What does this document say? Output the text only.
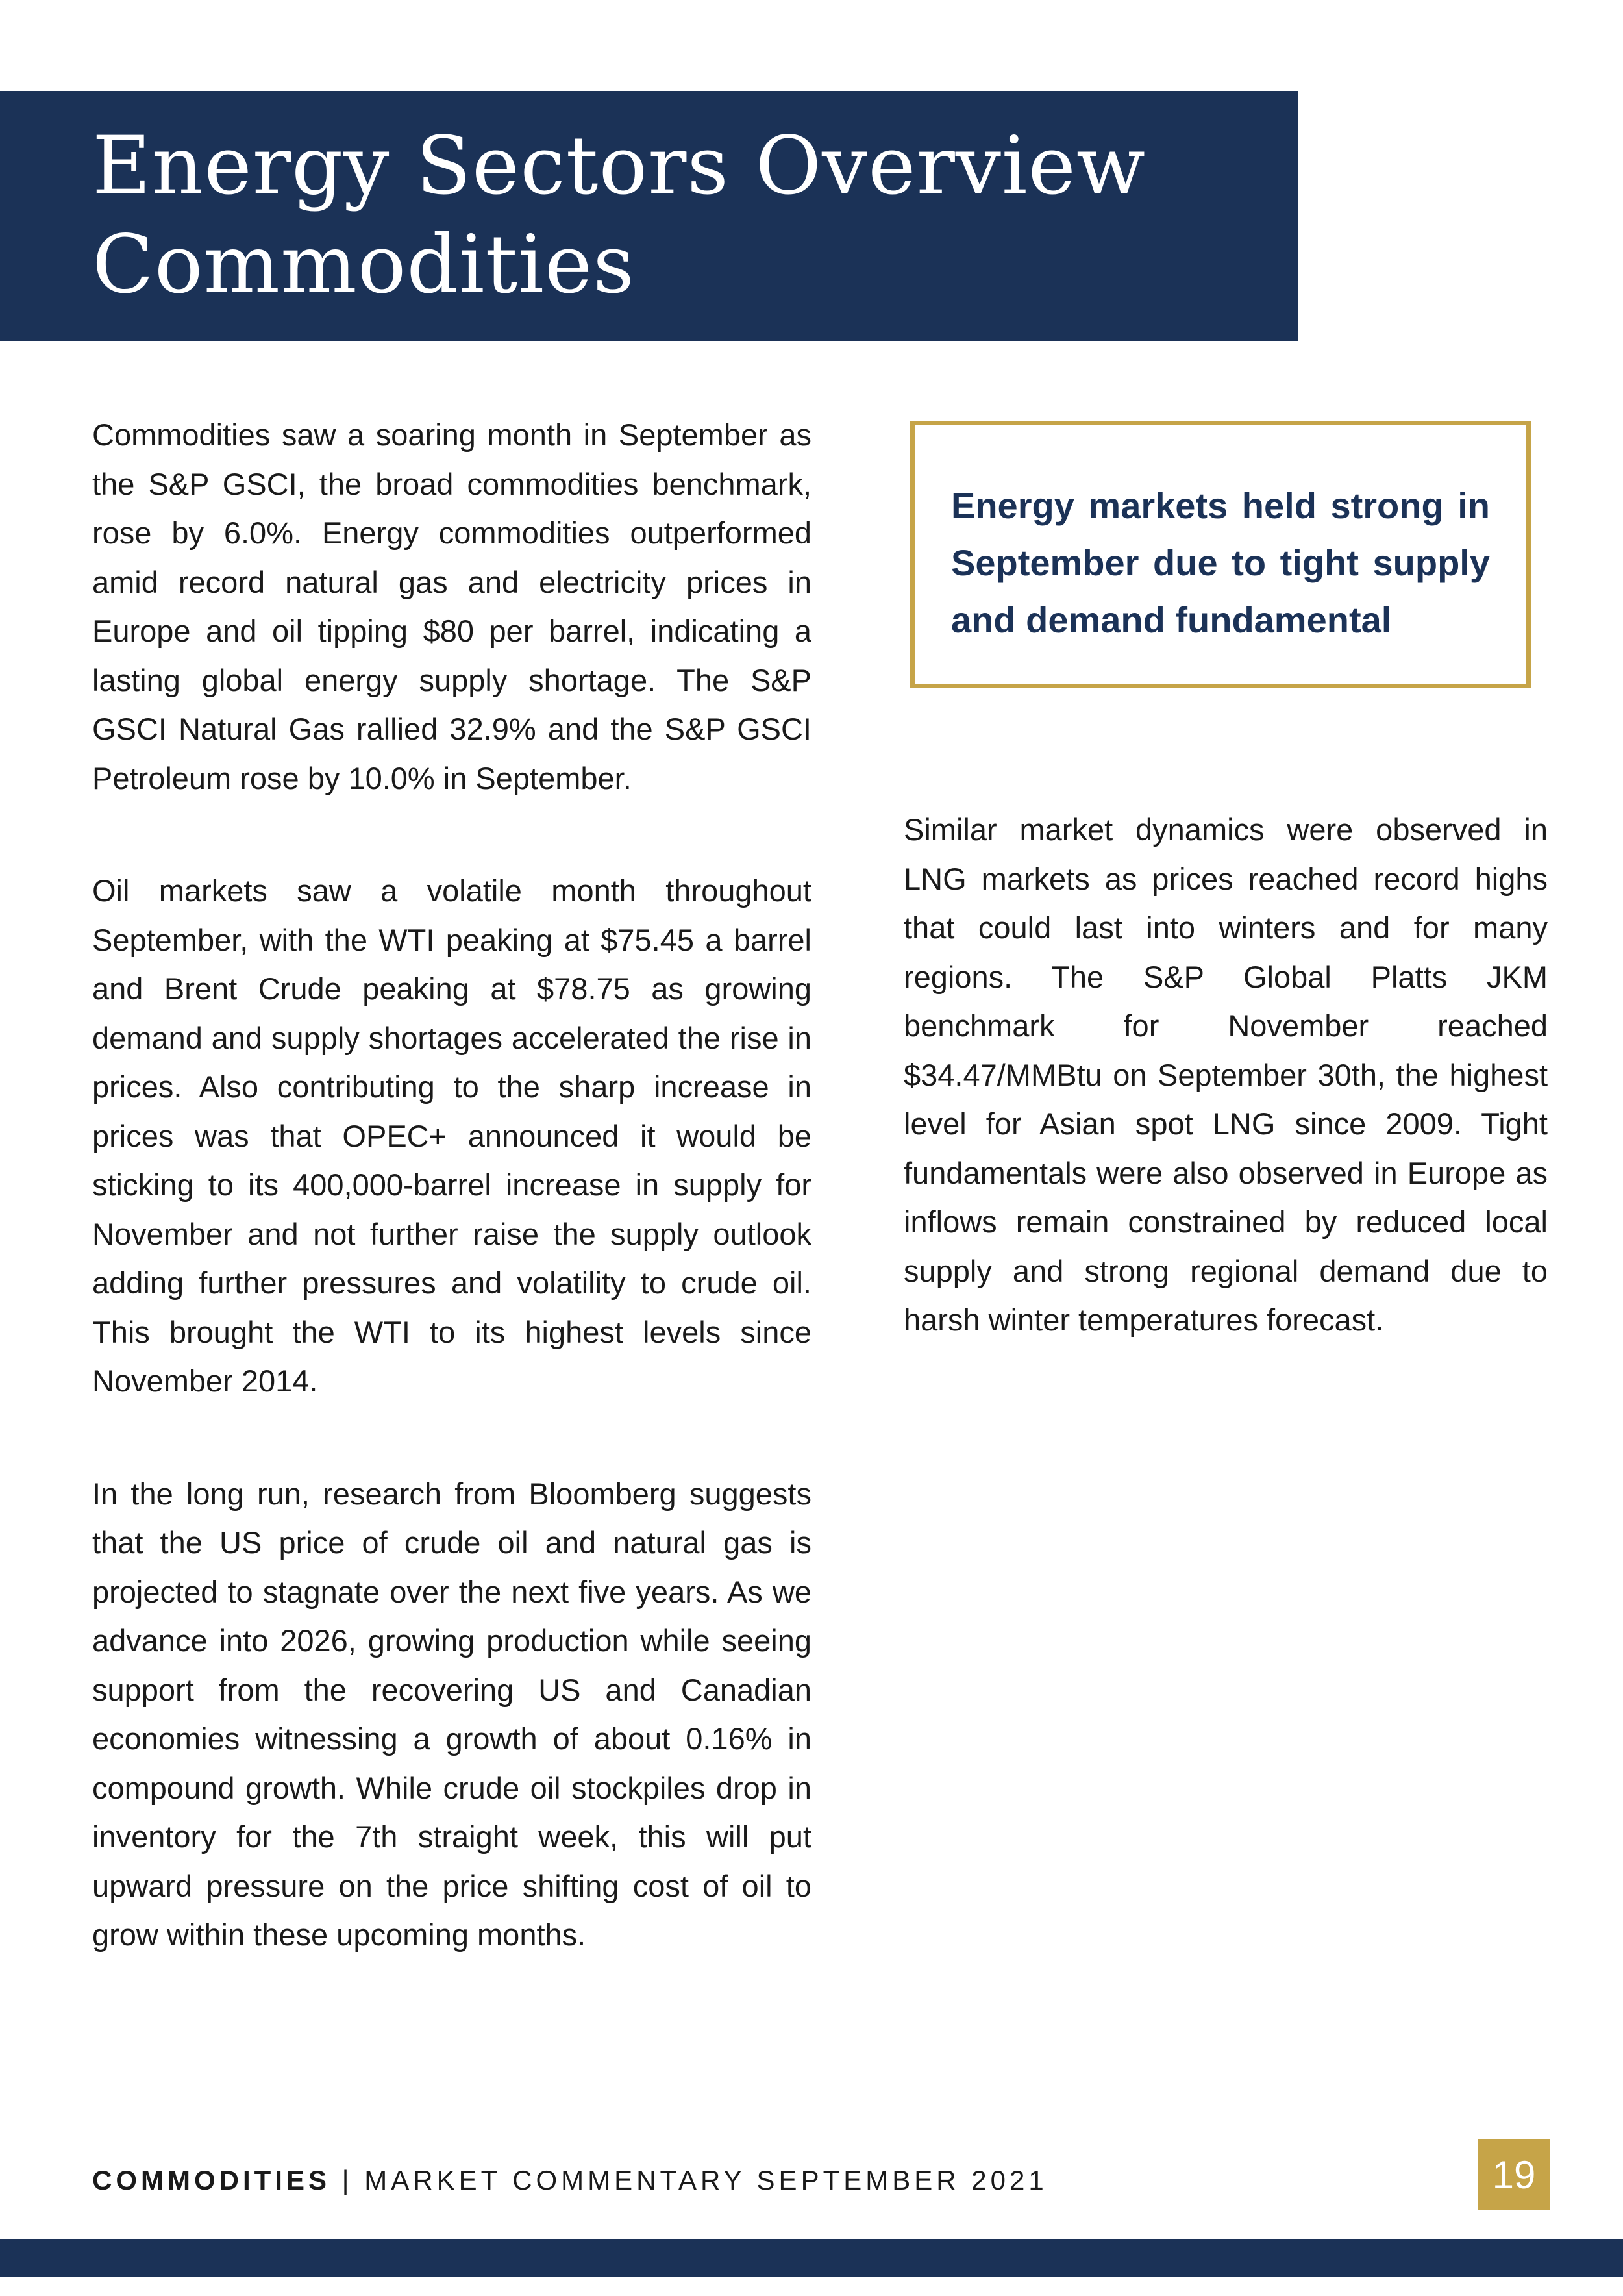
Energy Sectors Overview
Commodities

Commodities saw a soaring month in September as the S&P GSCI, the broad commodities benchmark, rose by 6.0%. Energy commodities outperformed amid record natural gas and electricity prices in Europe and oil tipping $80 per barrel, indicating a lasting global energy supply shortage. The S&P GSCI Natural Gas rallied 32.9% and the S&P GSCI Petroleum rose by 10.0% in September.

Oil markets saw a volatile month throughout September, with the WTI peaking at $75.45 a barrel and Brent Crude peaking at $78.75 as growing demand and supply shortages accelerated the rise in prices. Also contributing to the sharp increase in prices was that OPEC+ announced it would be sticking to its 400,000-barrel increase in supply for November and not further raise the supply outlook adding further pressures and volatility to crude oil. This brought the WTI to its highest levels since November 2014.

In the long run, research from Bloomberg suggests that the US price of crude oil and natural gas is projected to stagnate over the next five years. As we advance into 2026, growing production while seeing support from the recovering US and Canadian economies witnessing a growth of about 0.16% in compound growth. While crude oil stockpiles drop in inventory for the 7th straight week, this will put upward pressure on the price shifting cost of oil to grow within these upcoming months.

Energy markets held strong in September due to tight supply and demand fundamental

Similar market dynamics were observed in LNG markets as prices reached record highs that could last into winters and for many regions. The S&P Global Platts JKM benchmark for November reached $34.47/MMBtu on September 30th, the highest level for Asian spot LNG since 2009. Tight fundamentals were also observed in Europe as inflows remain constrained by reduced local supply and strong regional demand due to harsh winter temperatures forecast.

COMMODITIES | MARKET COMMENTARY SEPTEMBER 2021	19
